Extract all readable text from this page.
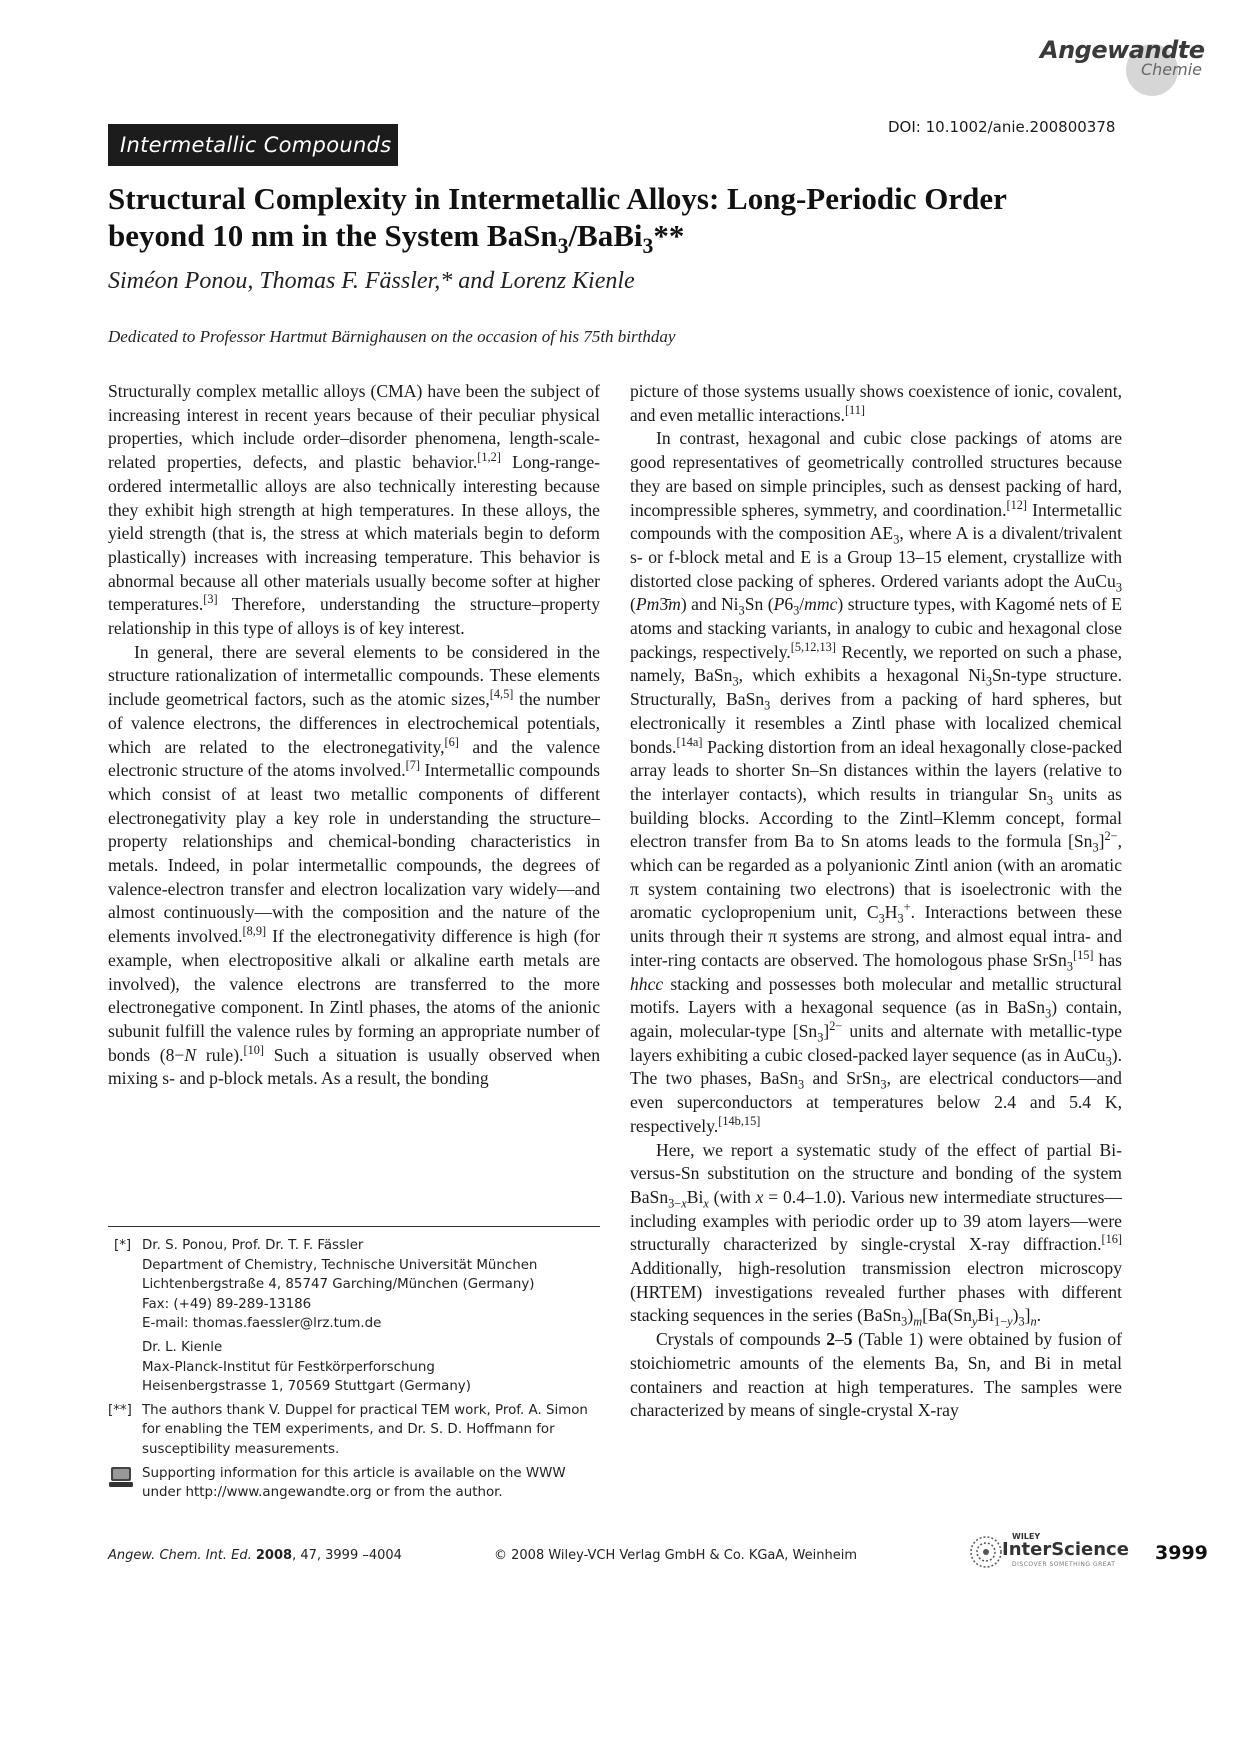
Angewandte
Chemie
Intermetallic Compounds
DOI: 10.1002/anie.200800378
Structural Complexity in Intermetallic Alloys: Long-Periodic Order
beyond 10 nm in the System BaSn$_3$/BaBi$_3$**
Siméon Ponou, Thomas F. Fässler,* and Lorenz Kienle
Dedicated to Professor Hartmut Bärnighausen on the occasion of his 75th birthday

Structurally complex metallic alloys (CMA) have been the subject of increasing interest in recent years because of their peculiar physical properties, which include order–disorder phenomena, length-scale-related properties, defects, and plastic behavior.[1,2] Long-range-ordered intermetallic alloys are also technically interesting because they exhibit high strength at high temperatures. In these alloys, the yield strength (that is, the stress at which materials begin to deform plastically) increases with increasing temperature. This behavior is abnormal because all other materials usually become softer at higher temperatures.[3] Therefore, understanding the structure–property relationship in this type of alloys is of key interest.

In general, there are several elements to be considered in the structure rationalization of intermetallic compounds. These elements include geometrical factors, such as the atomic sizes,[4,5] the number of valence electrons, the differences in electrochemical potentials, which are related to the electronegativity,[6] and the valence electronic structure of the atoms involved.[7] Intermetallic compounds which consist of at least two metallic components of different electronegativity play a key role in understanding the structure–property relationships and chemical-bonding characteristics in metals. Indeed, in polar intermetallic compounds, the degrees of valence-electron transfer and electron localization vary widely—and almost continuously—with the composition and the nature of the elements involved.[8,9] If the electronegativity difference is high (for example, when electropositive alkali or alkaline earth metals are involved), the valence electrons are transferred to the more electronegative component. In Zintl phases, the atoms of the anionic subunit fulfill the valence rules by forming an appropriate number of bonds (8−N rule).[10] Such a situation is usually observed when mixing s- and p-block metals. As a result, the bonding

picture of those systems usually shows coexistence of ionic, covalent, and even metallic interactions.[11]

In contrast, hexagonal and cubic close packings of atoms are good representatives of geometrically controlled structures because they are based on simple principles, such as densest packing of hard, incompressible spheres, symmetry, and coordination.[12] Intermetallic compounds with the composition $AE_3$, where A is a divalent/trivalent s- or f-block metal and E is a Group 13–15 element, crystallize with distorted close packing of spheres. Ordered variants adopt the AuCu$_3$ (Pm3̄m) and $Ni_3Sn$ $(P6_3/mmc)$ structure types, with Kagomé nets of E atoms and stacking variants, in analogy to cubic and hexagonal close packings, respectively.[5,12,13] Recently, we reported on such a phase, namely, BaSn$_3$, which exhibits a hexagonal $Ni_3Sn$-type structure. Structurally, BaSn$_3$ derives from a packing of hard spheres, but electronically it resembles a Zintl phase with localized chemical bonds.[14a] Packing distortion from an ideal hexagonally close-packed array leads to shorter Sn–Sn distances within the layers (relative to the interlayer contacts), which results in triangular $Sn_3$ units as building blocks. According to the Zintl–Klemm concept, formal electron transfer from Ba to Sn atoms leads to the formula $[Sn_3]^{2-}$, which can be regarded as a polyanionic Zintl anion (with an aromatic π system containing two electrons) that is isoelectronic with the aromatic cyclopropenium unit, $C_3H_3^+$. Interactions between these units through their π systems are strong, and almost equal intra- and inter-ring contacts are observed. The homologous phase SrSn$_3$[15] has hhcc stacking and possesses both molecular and metallic structural motifs. Layers with a hexagonal sequence (as in BaSn$_3$) contain, again, molecular-type $[Sn_3]^{2-}$ units and alternate with metallic-type layers exhibiting a cubic closed-packed layer sequence (as in AuCu$_3$). The two phases, BaSn$_3$ and SrSn$_3$, are electrical conductors—and even superconductors at temperatures below 2.4 and 5.4 K, respectively.[14b,15]

Here, we report a systematic study of the effect of partial Bi-versus-Sn substitution on the structure and bonding of the system $BaSn_{3-x}Bi_x$ (with x = 0.4–1.0). Various new intermediate structures—including examples with periodic order up to 39 atom layers—were structurally characterized by single-crystal X-ray diffraction.[16] Additionally, high-resolution transmission electron microscopy (HRTEM) investigations revealed further phases with different stacking sequences in the series $(BaSn_3)_m[Ba(Sn_yBi_{1-y})_3]_n$.

Crystals of compounds 2–5 (Table 1) were obtained by fusion of stoichiometric amounts of the elements Ba, Sn, and Bi in metal containers and reaction at high temperatures. The samples were characterized by means of single-crystal X-ray

[*] Dr. S. Ponou, Prof. Dr. T. F. Fässler
Department of Chemistry, Technische Universität München
Lichtenbergstraße 4, 85747 Garching/München (Germany)
Fax: (+49) 89-289-13186
E-mail: thomas.faessler@lrz.tum.de
Dr. L. Kienle
Max-Planck-Institut für Festkörperforschung
Heisenbergstrasse 1, 70569 Stuttgart (Germany)
[**] The authors thank V. Duppel for practical TEM work, Prof. A. Simon
for enabling the TEM experiments, and Dr. S. D. Hoffmann for
susceptibility measurements.
Supporting information for this article is available on the WWW
under http://www.angewandte.org or from the author.
Angew. Chem. Int. Ed. 2008, 47, 3999 –4004	© 2008 Wiley-VCH Verlag GmbH & Co. KGaA, Weinheim
WILEY
InterScience
DISCOVER SOMETHING GREAT
3999
